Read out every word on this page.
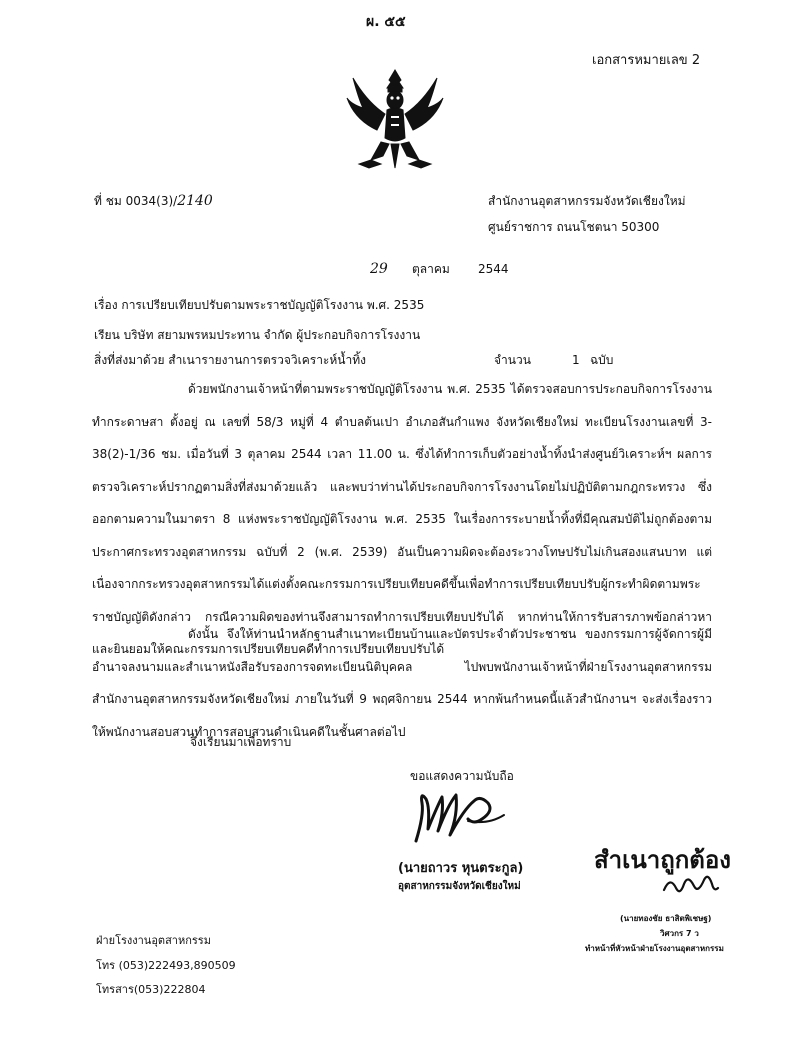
ผ. ๕๕
เอกสารหมายเลข 2
ที่ ชม 0034(3)/2140	สำนักงานอุตสาหกรรมจังหวัดเชียงใหม่
ศูนย์ราชการ ถนนโชตนา 50300
29 ตุลาคม 2544
เรื่อง การเปรียบเทียบปรับตามพระราชบัญญัติโรงงาน พ.ศ. 2535
เรียน บริษัท สยามพรหมประทาน จำกัด ผู้ประกอบกิจการโรงงาน
สิ่งที่ส่งมาด้วย สำเนารายงานการตรวจวิเคราะห์น้ำทิ้ง	จำนวน	1 ฉบับ
ด้วยพนักงานเจ้าหน้าที่ตามพระราชบัญญัติโรงงาน พ.ศ. 2535 ได้ตรวจสอบการประกอบกิจการโรงงานทำกระดาษสา ตั้งอยู่ ณ เลขที่ 58/3 หมู่ที่ 4 ตำบลต้นเปา อำเภอสันกำแพง จังหวัดเชียงใหม่ ทะเบียนโรงงานเลขที่ 3-38(2)-1/36 ชม. เมื่อวันที่ 3 ตุลาคม 2544 เวลา 11.00 น. ซึ่งได้ทำการเก็บตัวอย่างน้ำทิ้งนำส่งศูนย์วิเคราะห์ฯ ผลการตรวจวิเคราะห์ปรากฏตามสิ่งที่ส่งมาด้วยแล้ว และพบว่าท่านได้ประกอบกิจการโรงงานโดยไม่ปฏิบัติตามกฎกระทรวง ซึ่งออกตามความในมาตรา 8 แห่งพระราชบัญญัติโรงงาน พ.ศ. 2535 ในเรื่องการระบายน้ำทิ้งที่มีคุณสมบัติไม่ถูกต้องตามประกาศกระทรวงอุตสาหกรรม ฉบับที่ 2 (พ.ศ. 2539) อันเป็นความผิดจะต้องระวางโทษปรับไม่เกินสองแสนบาท แต่เนื่องจากกระทรวงอุตสาหกรรมได้แต่งตั้งคณะกรรมการเปรียบเทียบคดีขึ้นเพื่อทำการเปรียบเทียบปรับผู้กระทำผิดตามพระราชบัญญัติดังกล่าว กรณีความผิดของท่านจึงสามารถทำการเปรียบเทียบปรับได้ หากท่านให้การรับสารภาพข้อกล่าวหาและยินยอมให้คณะกรรมการเปรียบเทียบคดีทำการเปรียบเทียบปรับได้
ดังนั้น จึงให้ท่านนำหลักฐานสำเนาทะเบียนบ้านและบัตรประจำตัวประชาชน ของกรรมการผู้จัดการผู้มีอำนาจลงนามและสำเนาหนังสือรับรองการจดทะเบียนนิติบุคคล ไปพบพนักงานเจ้าหน้าที่ฝ่ายโรงงานอุตสาหกรรม สำนักงานอุตสาหกรรมจังหวัดเชียงใหม่ ภายในวันที่ 9 พฤศจิกายน 2544 หากพ้นกำหนดนี้แล้วสำนักงานฯ จะส่งเรื่องราวให้พนักงานสอบสวนทำการสอบสวนดำเนินคดีในชั้นศาลต่อไป
จึงเรียนมาเพื่อทราบ
ขอแสดงความนับถือ
(นายถาวร หุนตระกูล)
อุตสาหกรรมจังหวัดเชียงใหม่
สำเนาถูกต้อง
(นายทองชัย ธาสิตพิเชษฐ)
วิศวกร 7 ว
ทำหน้าที่หัวหน้าฝ่ายโรงงานอุตสาหกรรม
ฝ่ายโรงงานอุตสาหกรรม
โทร (053)222493,890509
โทรสาร(053)222804
